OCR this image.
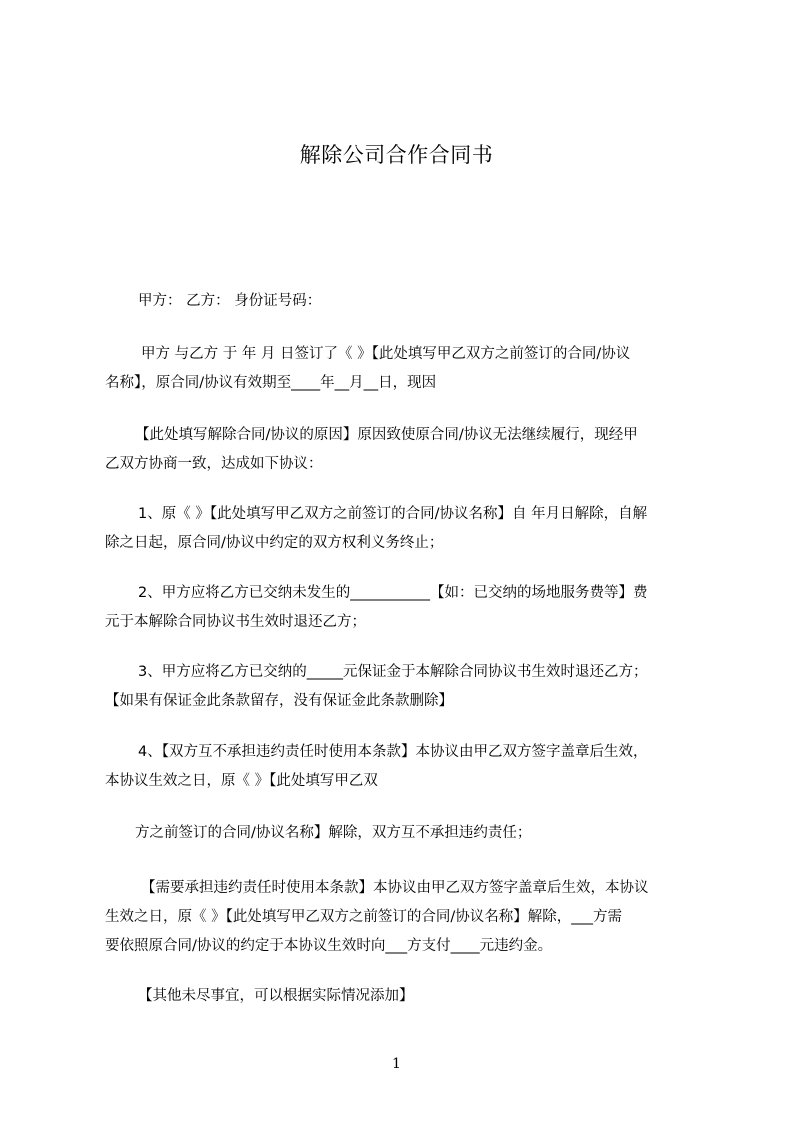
解除公司合作合同书
甲方： 乙方： 身份证号码：
甲方 与乙方 于 年 月 日签订了《 》【此处填写甲乙双方之前签订的合同/协议
名称】，原合同/协议有效期至____年__月__日，现因
【此处填写解除合同/协议的原因】原因致使原合同/协议无法继续履行，现经甲
乙双方协商一致，达成如下协议：
1、原《 》【此处填写甲乙双方之前签订的合同/协议名称】自 年月日解除，自解
除之日起，原合同/协议中约定的双方权利义务终止；
2、甲方应将乙方已交纳未发生的___________【如：已交纳的场地服务费等】费
元于本解除合同协议书生效时退还乙方；
3、甲方应将乙方已交纳的_____元保证金于本解除合同协议书生效时退还乙方；
【如果有保证金此条款留存，没有保证金此条款删除】
4、【双方互不承担违约责任时使用本条款】本协议由甲乙双方签字盖章后生效，
本协议生效之日，原《 》【此处填写甲乙双
方之前签订的合同/协议名称】解除，双方互不承担违约责任；
【需要承担违约责任时使用本条款】本协议由甲乙双方签字盖章后生效，本协议
生效之日，原《 》【此处填写甲乙双方之前签订的合同/协议名称】解除，___方需
要依照原合同/协议的约定于本协议生效时向___方支付____元违约金。
【其他未尽事宜，可以根据实际情况添加】
1
